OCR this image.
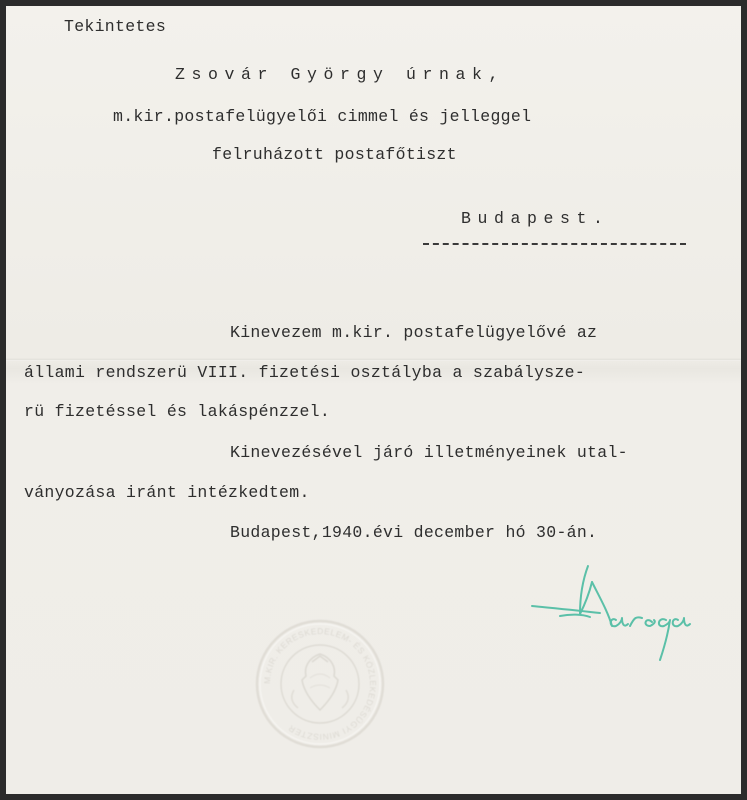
Tekintetes
Zsovár György úrnak,
m.kir.postafelügyelői cimmel és jelleggel
felruházott postafőtiszt
Budapest.
Kinevezem m.kir. postafelügyelővé az
állami rendszerü VIII. fizetési osztályba a szabálysze-
rü fizetéssel és lakáspénzzel.
Kinevezésével járó illetményeinek utal-
ványozása iránt intézkedtem.
Budapest,1940.évi december hó 30-án.
M.KIR. KERESKEDELEM- ÉS KÖZLEKEDÉSÜGYI MINISZTER
